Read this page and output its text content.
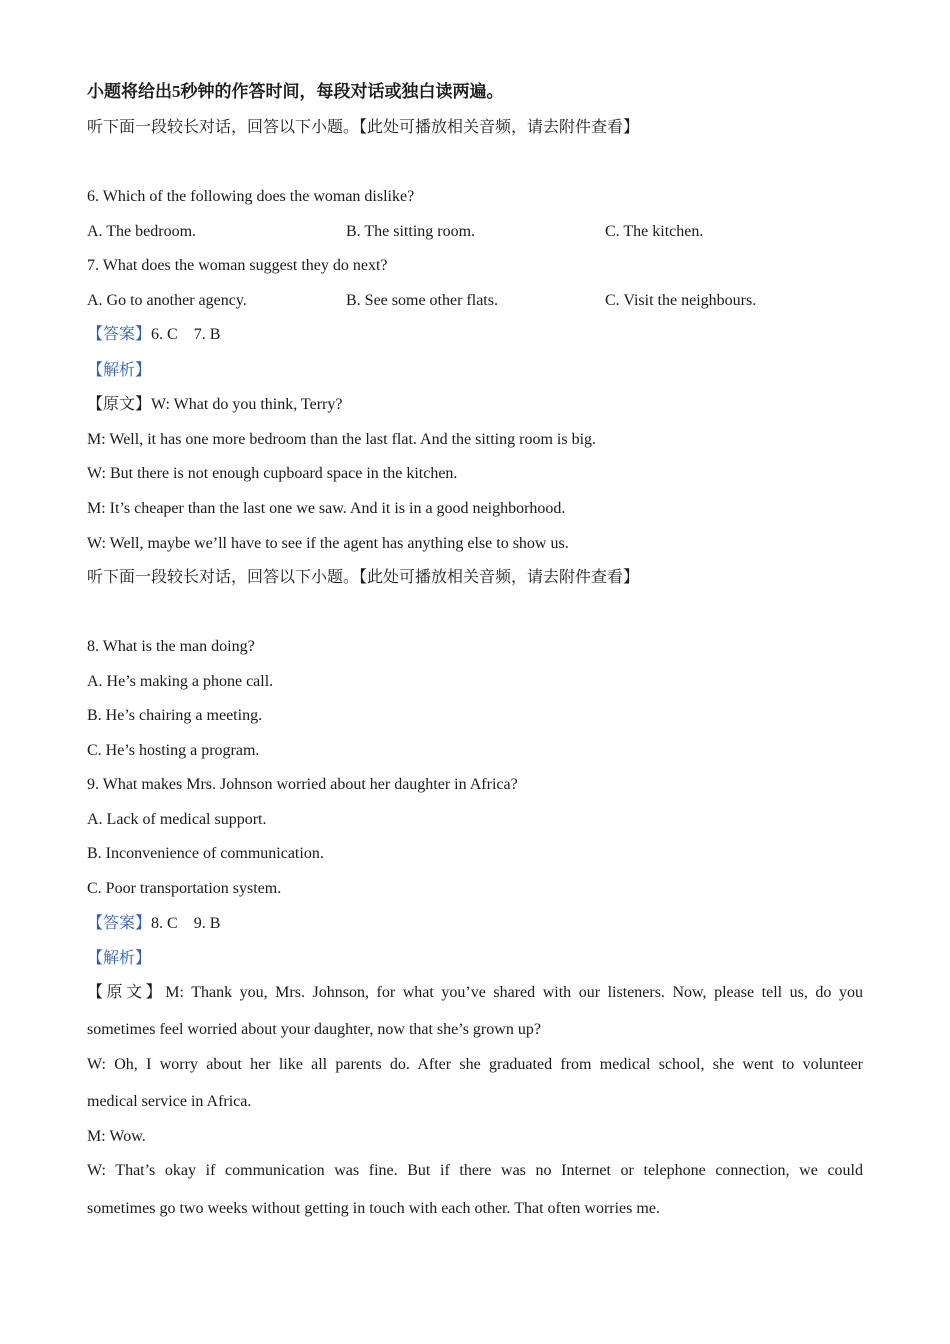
小题将给出5秒钟的作答时间，每段对话或独白读两遍。
听下面一段较长对话，回答以下小题。【此处可播放相关音频，请去附件查看】
6. Which of the following does the woman dislike?
A. The bedroom.	B. The sitting room.	C. The kitchen.
7. What does the woman suggest they do next?
A. Go to another agency.	B. See some other flats.	C. Visit the neighbours.
【答案】6. C    7. B
【解析】
【原文】W: What do you think, Terry?
M: Well, it has one more bedroom than the last flat. And the sitting room is big.
W: But there is not enough cupboard space in the kitchen.
M: It’s cheaper than the last one we saw. And it is in a good neighborhood.
W: Well, maybe we’ll have to see if the agent has anything else to show us.
听下面一段较长对话，回答以下小题。【此处可播放相关音频，请去附件查看】
8. What is the man doing?
A. He’s making a phone call.
B. He’s chairing a meeting.
C. He’s hosting a program.
9. What makes Mrs. Johnson worried about her daughter in Africa?
A. Lack of medical support.
B. Inconvenience of communication.
C. Poor transportation system.
【答案】8. C    9. B
【解析】
【原文】M: Thank you, Mrs. Johnson, for what you’ve shared with our listeners. Now, please tell us, do you
sometimes feel worried about your daughter, now that she’s grown up?
W: Oh, I worry about her like all parents do. After she graduated from medical school, she went to volunteer
medical service in Africa.
M: Wow.
W: That’s okay if communication was fine. But if there was no Internet or telephone connection, we could
sometimes go two weeks without getting in touch with each other. That often worries me.
